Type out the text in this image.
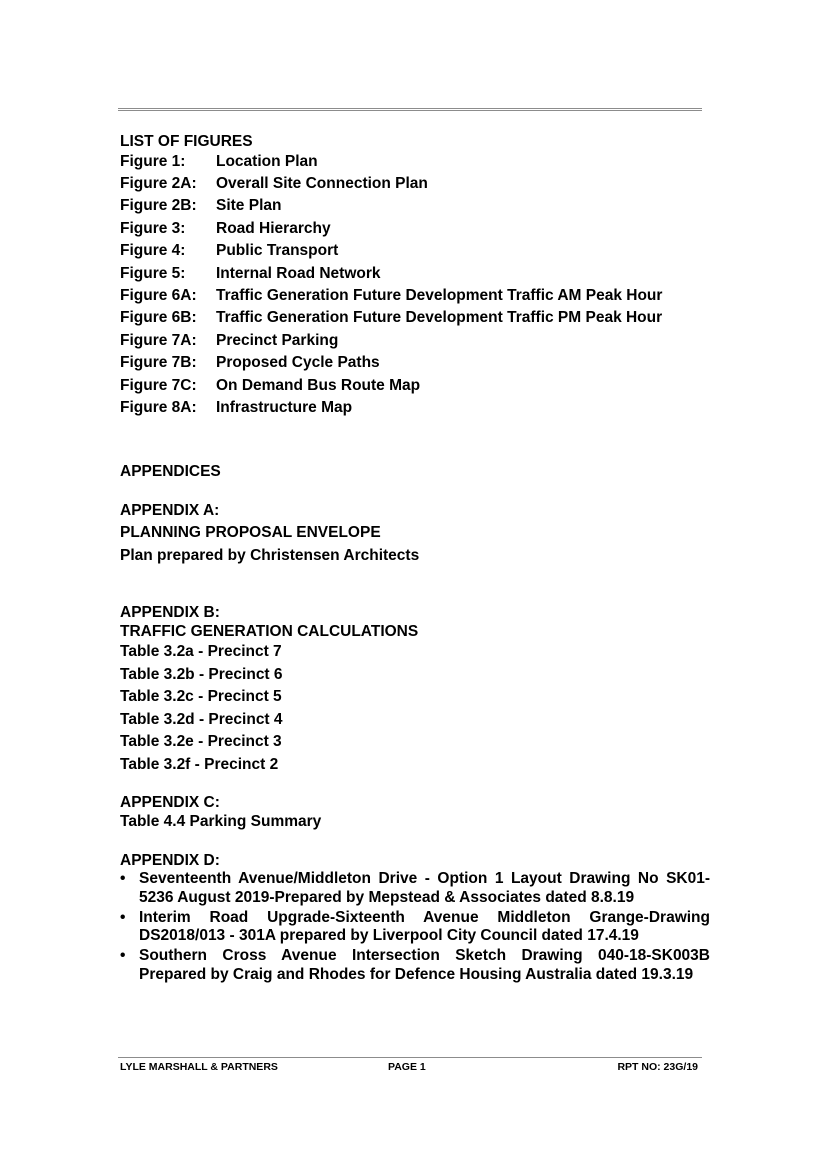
LIST OF FIGURES
Figure 1:	Location Plan
Figure 2A:	Overall Site Connection Plan
Figure 2B:	Site Plan
Figure 3:	Road Hierarchy
Figure 4:	Public Transport
Figure 5:	Internal Road Network
Figure 6A:	Traffic Generation Future Development Traffic AM Peak Hour
Figure 6B:	Traffic Generation Future Development Traffic PM Peak Hour
Figure 7A:	Precinct Parking
Figure 7B:	Proposed Cycle Paths
Figure 7C:	On Demand Bus Route Map
Figure 8A:	Infrastructure Map
APPENDICES
APPENDIX A:
PLANNING PROPOSAL ENVELOPE
Plan prepared by Christensen Architects
APPENDIX B:
TRAFFIC GENERATION CALCULATIONS
Table 3.2a - Precinct 7
Table 3.2b - Precinct 6
Table 3.2c - Precinct 5
Table 3.2d - Precinct 4
Table 3.2e - Precinct 3
Table 3.2f - Precinct 2
APPENDIX C:
Table 4.4 Parking Summary
APPENDIX D:
• Seventeenth Avenue/Middleton Drive - Option 1 Layout Drawing No SK01-5236 August 2019-Prepared by Mepstead & Associates dated 8.8.19
• Interim Road Upgrade-Sixteenth Avenue Middleton Grange-Drawing DS2018/013 - 301A prepared by Liverpool City Council dated 17.4.19
• Southern Cross Avenue Intersection Sketch Drawing 040-18-SK003B Prepared by Craig and Rhodes for Defence Housing Australia dated 19.3.19
LYLE MARSHALL & PARTNERS	PAGE 1	RPT NO: 23G/19
